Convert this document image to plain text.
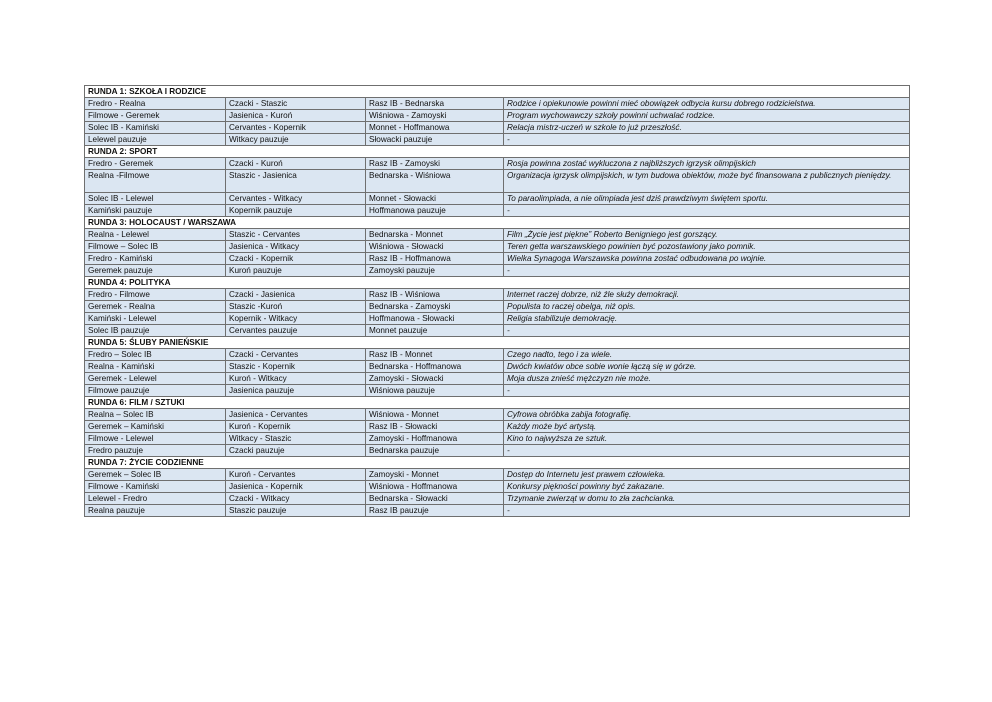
RUNDA 1: SZKOŁA I RODZICE			
Fredro - Realna	Czacki - Staszic	Rasz IB - Bednarska	Rodzice i opiekunowie powinni mieć obowiązek odbycia kursu dobrego rodzicielstwa.
Filmowe - Geremek	Jasienica - Kuroń	Wiśniowa - Zamoyski	Program wychowawczy szkoły powinni uchwalać rodzice.
Solec IB - Kamiński	Cervantes - Kopernik	Monnet - Hoffmanowa	Relacja mistrz-uczeń w szkole to już przeszłość.
Lelewel pauzuje	Witkacy pauzuje	Słowacki pauzuje	-
RUNDA 2: SPORT			
Fredro - Geremek	Czacki - Kuroń	Rasz IB - Zamoyski	Rosja powinna zostać wykluczona z najbliższych igrzysk olimpijskich
Realna -Filmowe	Staszic - Jasienica	Bednarska - Wiśniowa	Organizacja igrzysk olimpijskich, w tym budowa obiektów, może być finansowana z publicznych pieniędzy.
Solec IB - Lelewel	Cervantes - Witkacy	Monnet - Słowacki	To paraolimpiada, a nie olimpiada jest dziś prawdziwym świętem sportu.
Kamiński pauzuje	Kopernik pauzuje	Hoffmanowa pauzuje	-
RUNDA 3: HOLOCAUST / WARSZAWA			
Realna - Lelewel	Staszic - Cervantes	Bednarska - Monnet	Film „Życie jest piękne” Roberto Benigniego jest gorszący.
Filmowe – Solec IB	Jasienica - Witkacy	Wiśniowa - Słowacki	Teren getta warszawskiego powinien być pozostawiony jako pomnik.
Fredro - Kamiński	Czacki - Kopernik	Rasz IB - Hoffmanowa	Wielka Synagoga Warszawska powinna zostać odbudowana po wojnie.
Geremek pauzuje	Kuroń pauzuje	Zamoyski pauzuje	-
RUNDA 4: POLITYKA			
Fredro - Filmowe	Czacki - Jasienica	Rasz IB - Wiśniowa	Internet raczej dobrze, niż źle służy demokracji.
Geremek - Realna	Staszic -Kuroń	Bednarska - Zamoyski	Populista to raczej obelga, niż opis.
Kamiński - Lelewel	Kopernik - Witkacy	Hoffmanowa - Słowacki	Religia stabilizuje demokrację.
Solec IB pauzuje	Cervantes pauzuje	Monnet pauzuje	-
RUNDA 5: ŚLUBY PANIEŃSKIE			
Fredro – Solec IB	Czacki - Cervantes	Rasz IB - Monnet	Czego nadto, tego i za wiele.
Realna - Kamiński	Staszic - Kopernik	Bednarska - Hoffmanowa	Dwóch kwiatów obce sobie wonie łączą się w górze.
Geremek - Lelewel	Kuroń - Witkacy	Zamoyski - Słowacki	Moja dusza znieść mężczyzn nie może.
Filmowe pauzuje	Jasienica pauzuje	Wiśniowa pauzuje	-
RUNDA 6: FILM / SZTUKI			
Realna – Solec IB	Jasienica - Cervantes	Wiśniowa - Monnet	Cyfrowa obróbka zabija fotografię.
Geremek – Kamiński	Kuroń - Kopernik	Rasz IB - Słowacki	Każdy może być artystą.
Filmowe - Lelewel	Witkacy - Staszic	Zamoyski - Hoffmanowa	Kino to najwyższa ze sztuk.
Fredro pauzuje	Czacki pauzuje	Bednarska pauzuje	-
RUNDA 7: ŻYCIE CODZIENNE			
Geremek – Solec IB	Kuroń - Cervantes	Zamoyski - Monnet	Dostęp do Internetu jest prawem człowieka.
Filmowe - Kamiński	Jasienica - Kopernik	Wiśniowa - Hoffmanowa	Konkursy piękności powinny być zakazane.
Lelewel - Fredro	Czacki - Witkacy	Bednarska - Słowacki	Trzymanie zwierząt w domu to zła zachcianka.
Realna pauzuje	Staszic pauzuje	Rasz IB pauzuje	-
